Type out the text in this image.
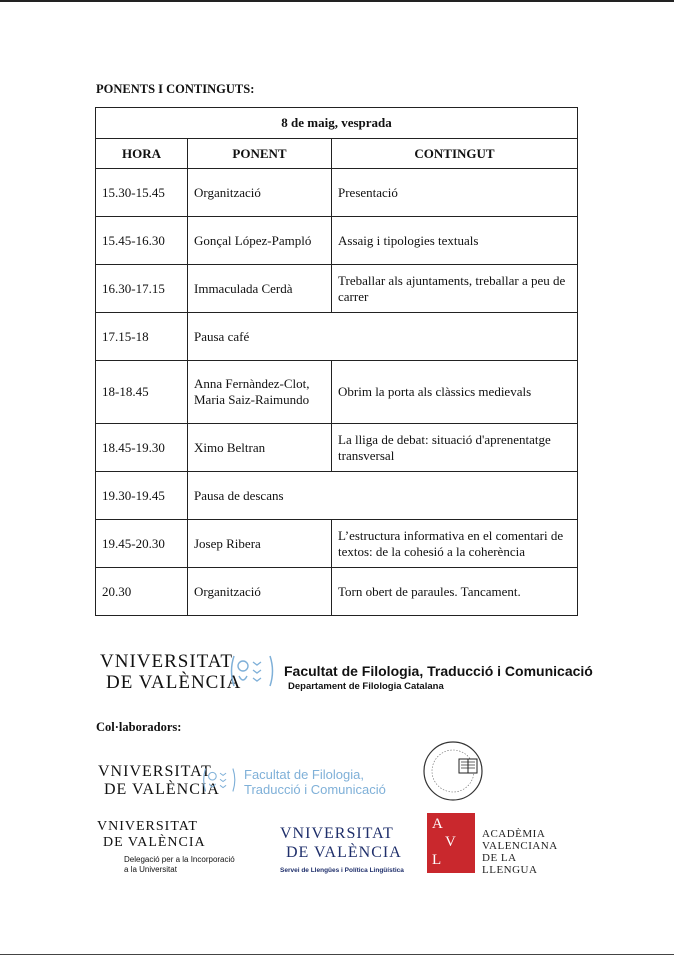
PONENTS I CONTINGUTS:
8 de maig, vesprada		
HORA	PONENT	CONTINGUT
15.30-15.45	Organització	Presentació
15.45-16.30	Gonçal López-Pampló	Assaig i tipologies textuals
16.30-17.15	Immaculada Cerdà	Treballar als ajuntaments, treballar a peu de carrer
17.15-18	Pausa café	
18-18.45	Anna Fernàndez-Clot, Maria Saiz-Raimundo	Obrim la porta als clàssics medievals
18.45-19.30	Ximo Beltran	La lliga de debat: situació d'aprenentatge transversal
19.30-19.45	Pausa de descans	
19.45-20.30	Josep Ribera	L’estructura informativa en el comentari de textos: de la cohesió a la coherència
20.30	Organització	Torn obert de paraules. Tancament.
VNIVERSITAT
DE VALÈNCIA
Facultat de Filologia, Traducció i Comunicació
Departament de Filologia Catalana
Col·laboradors:
VNIVERSITAT
DE VALÈNCIA
Facultat de Filologia,
Traducció i Comunicació
VNIVERSITAT
DE VALÈNCIA
Delegació per a la Incorporació
a la Universitat
VNIVERSITAT
DE VALÈNCIA
Servei de Llengües i Política Lingüística
A
V
L
ACADÈMIA
VALENCIANA
DE LA
LLENGUA
